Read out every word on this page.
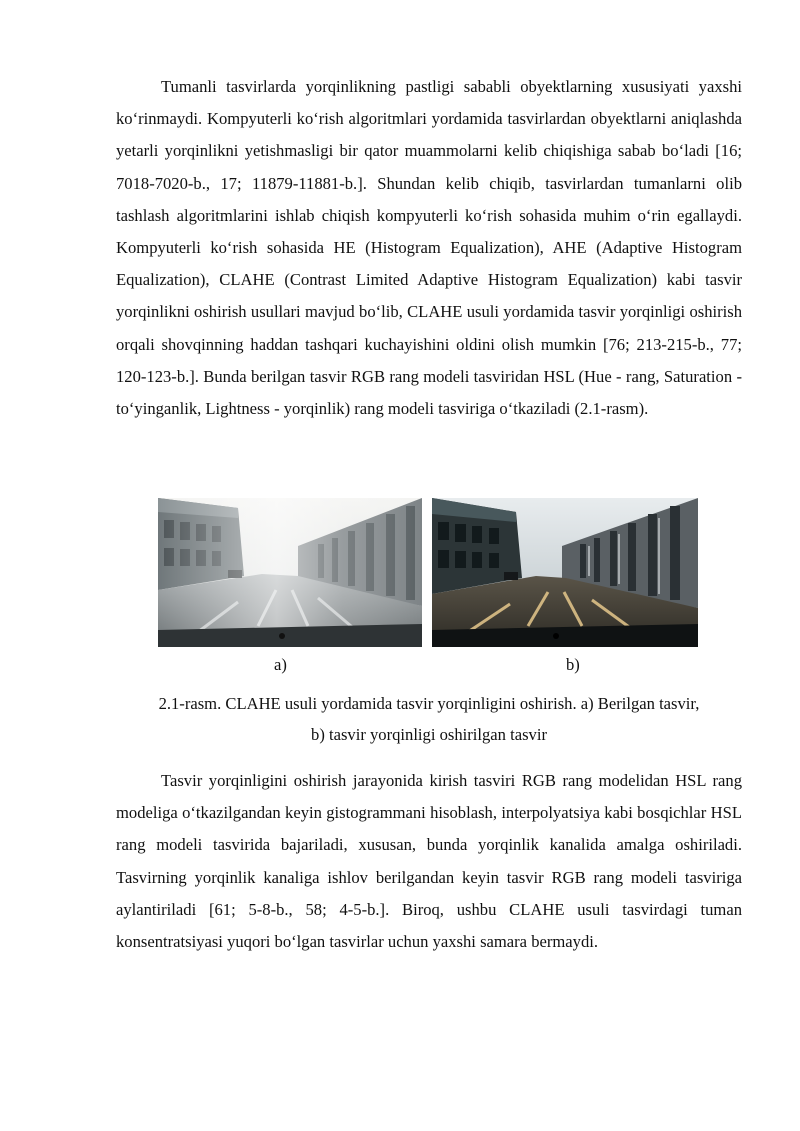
Tumanli tasvirlarda yorqinlikning pastligi sababli obyektlarning xususiyati yaxshi ko‘rinmaydi. Kompyuterli ko‘rish algoritmlari yordamida tasvirlardan obyektlarni aniqlashda yetarli yorqinlikni yetishmasligi bir qator muammolarni kelib chiqishiga sabab bo‘ladi [16; 7018-7020-b., 17; 11879-11881-b.]. Shundan kelib chiqib, tasvirlardan tumanlarni olib tashlash algoritmlarini ishlab chiqish kompyuterli ko‘rish sohasida muhim o‘rin egallaydi. Kompyuterli ko‘rish sohasida HE (Histogram Equalization), AHE (Adaptive Histogram Equalization), CLAHE (Contrast Limited Adaptive Histogram Equalization) kabi tasvir yorqinlikni oshirish usullari mavjud bo‘lib, CLAHE usuli yordamida tasvir yorqinligi oshirish orqali shovqinning haddan tashqari kuchayishini oldini olish mumkin [76; 213-215-b., 77; 120-123-b.]. Bunda berilgan tasvir RGB rang modeli tasviridan HSL (Hue - rang, Saturation - to‘yinganlik, Lightness - yorqinlik) rang modeli tasviriga o‘tkaziladi (2.1-rasm).

a)	b)
2.1-rasm. CLAHE usuli yordamida tasvir yorqinligini oshirish. a) Berilgan tasvir,
b) tasvir yorqinligi oshirilgan tasvir

Tasvir yorqinligini oshirish jarayonida kirish tasviri RGB rang modelidan HSL rang modeliga o‘tkazilgandan keyin gistogrammani hisoblash, interpolyatsiya kabi bosqichlar HSL rang modeli tasvirida bajariladi, xususan, bunda yorqinlik kanalida amalga oshiriladi. Tasvirning yorqinlik kanaliga ishlov berilgandan keyin tasvir RGB rang modeli tasviriga aylantiriladi [61; 5-8-b., 58; 4-5-b.]. Biroq, ushbu CLAHE usuli tasvirdagi tuman konsentratsiyasi yuqori bo‘lgan tasvirlar uchun yaxshi samara bermaydi.
